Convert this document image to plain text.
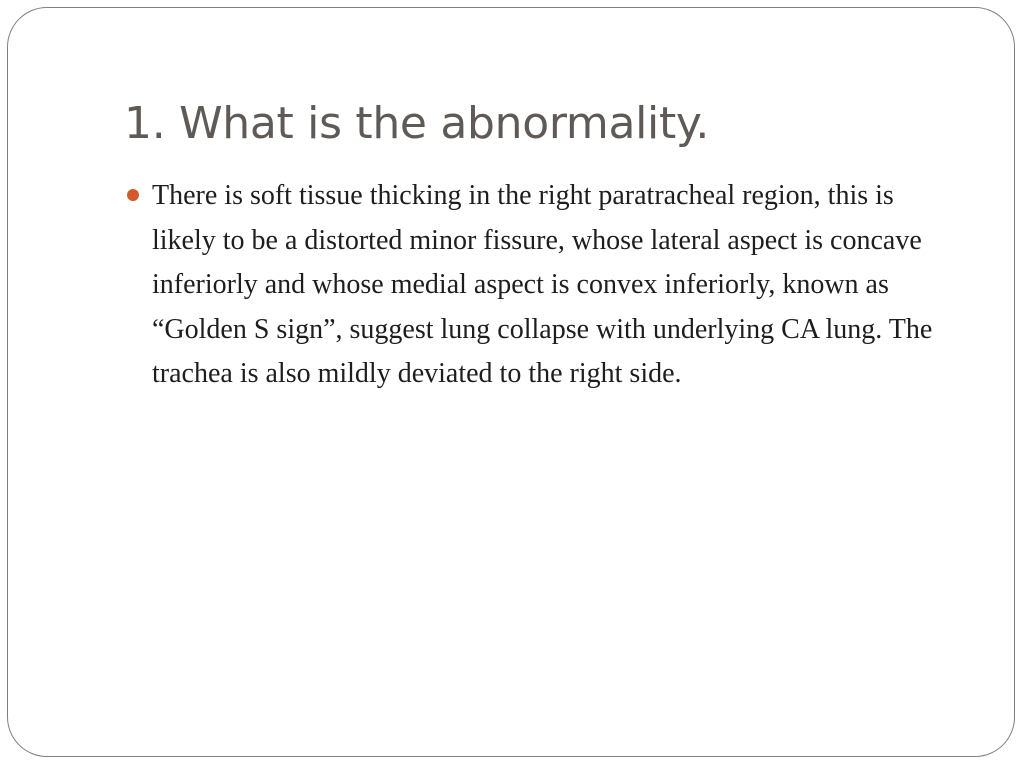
1. What is the abnormality.

There is soft tissue thicking in the right paratracheal region, this is likely to be a distorted minor fissure, whose lateral aspect is concave inferiorly and whose medial aspect is convex inferiorly, known as “Golden S sign”, suggest lung collapse with underlying CA lung. The trachea is also mildly deviated to the right side.
